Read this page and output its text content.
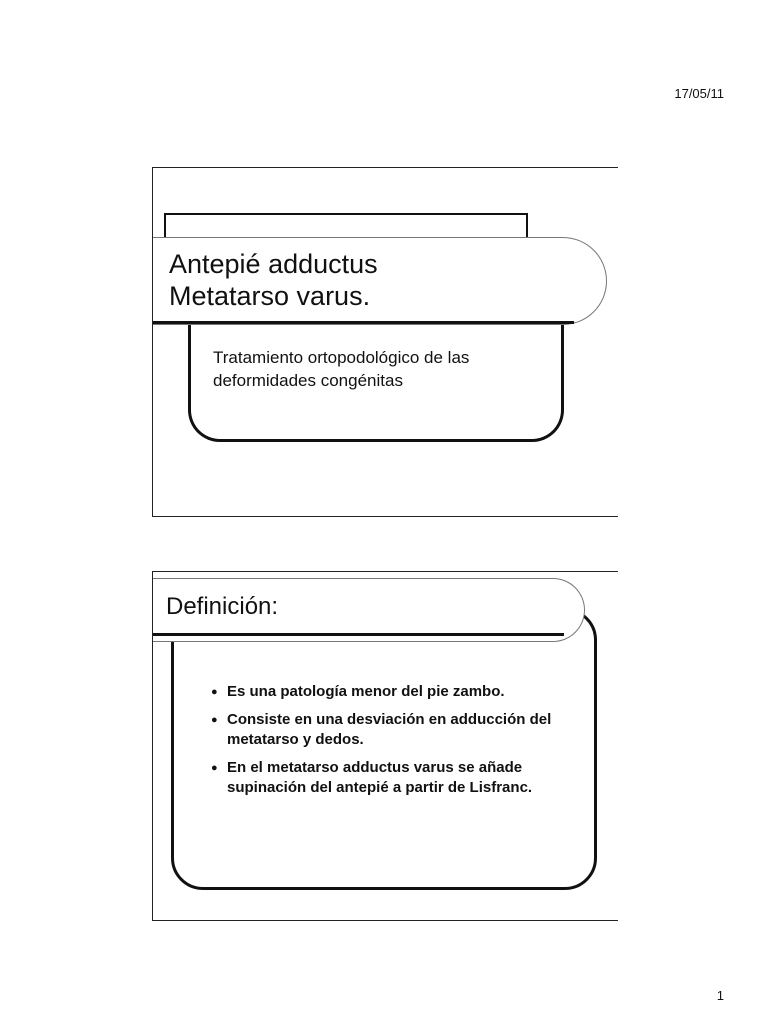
17/05/11
Antepié adductus
Metatarso varus.
Tratamiento ortopodológico de las deformidades congénitas
Definición:
● Es una patología menor del pie zambo.
● Consiste en una desviación en adducción del metatarso y dedos.
● En el metatarso adductus varus se añade supinación del antepié a partir de Lisfranc.
1
